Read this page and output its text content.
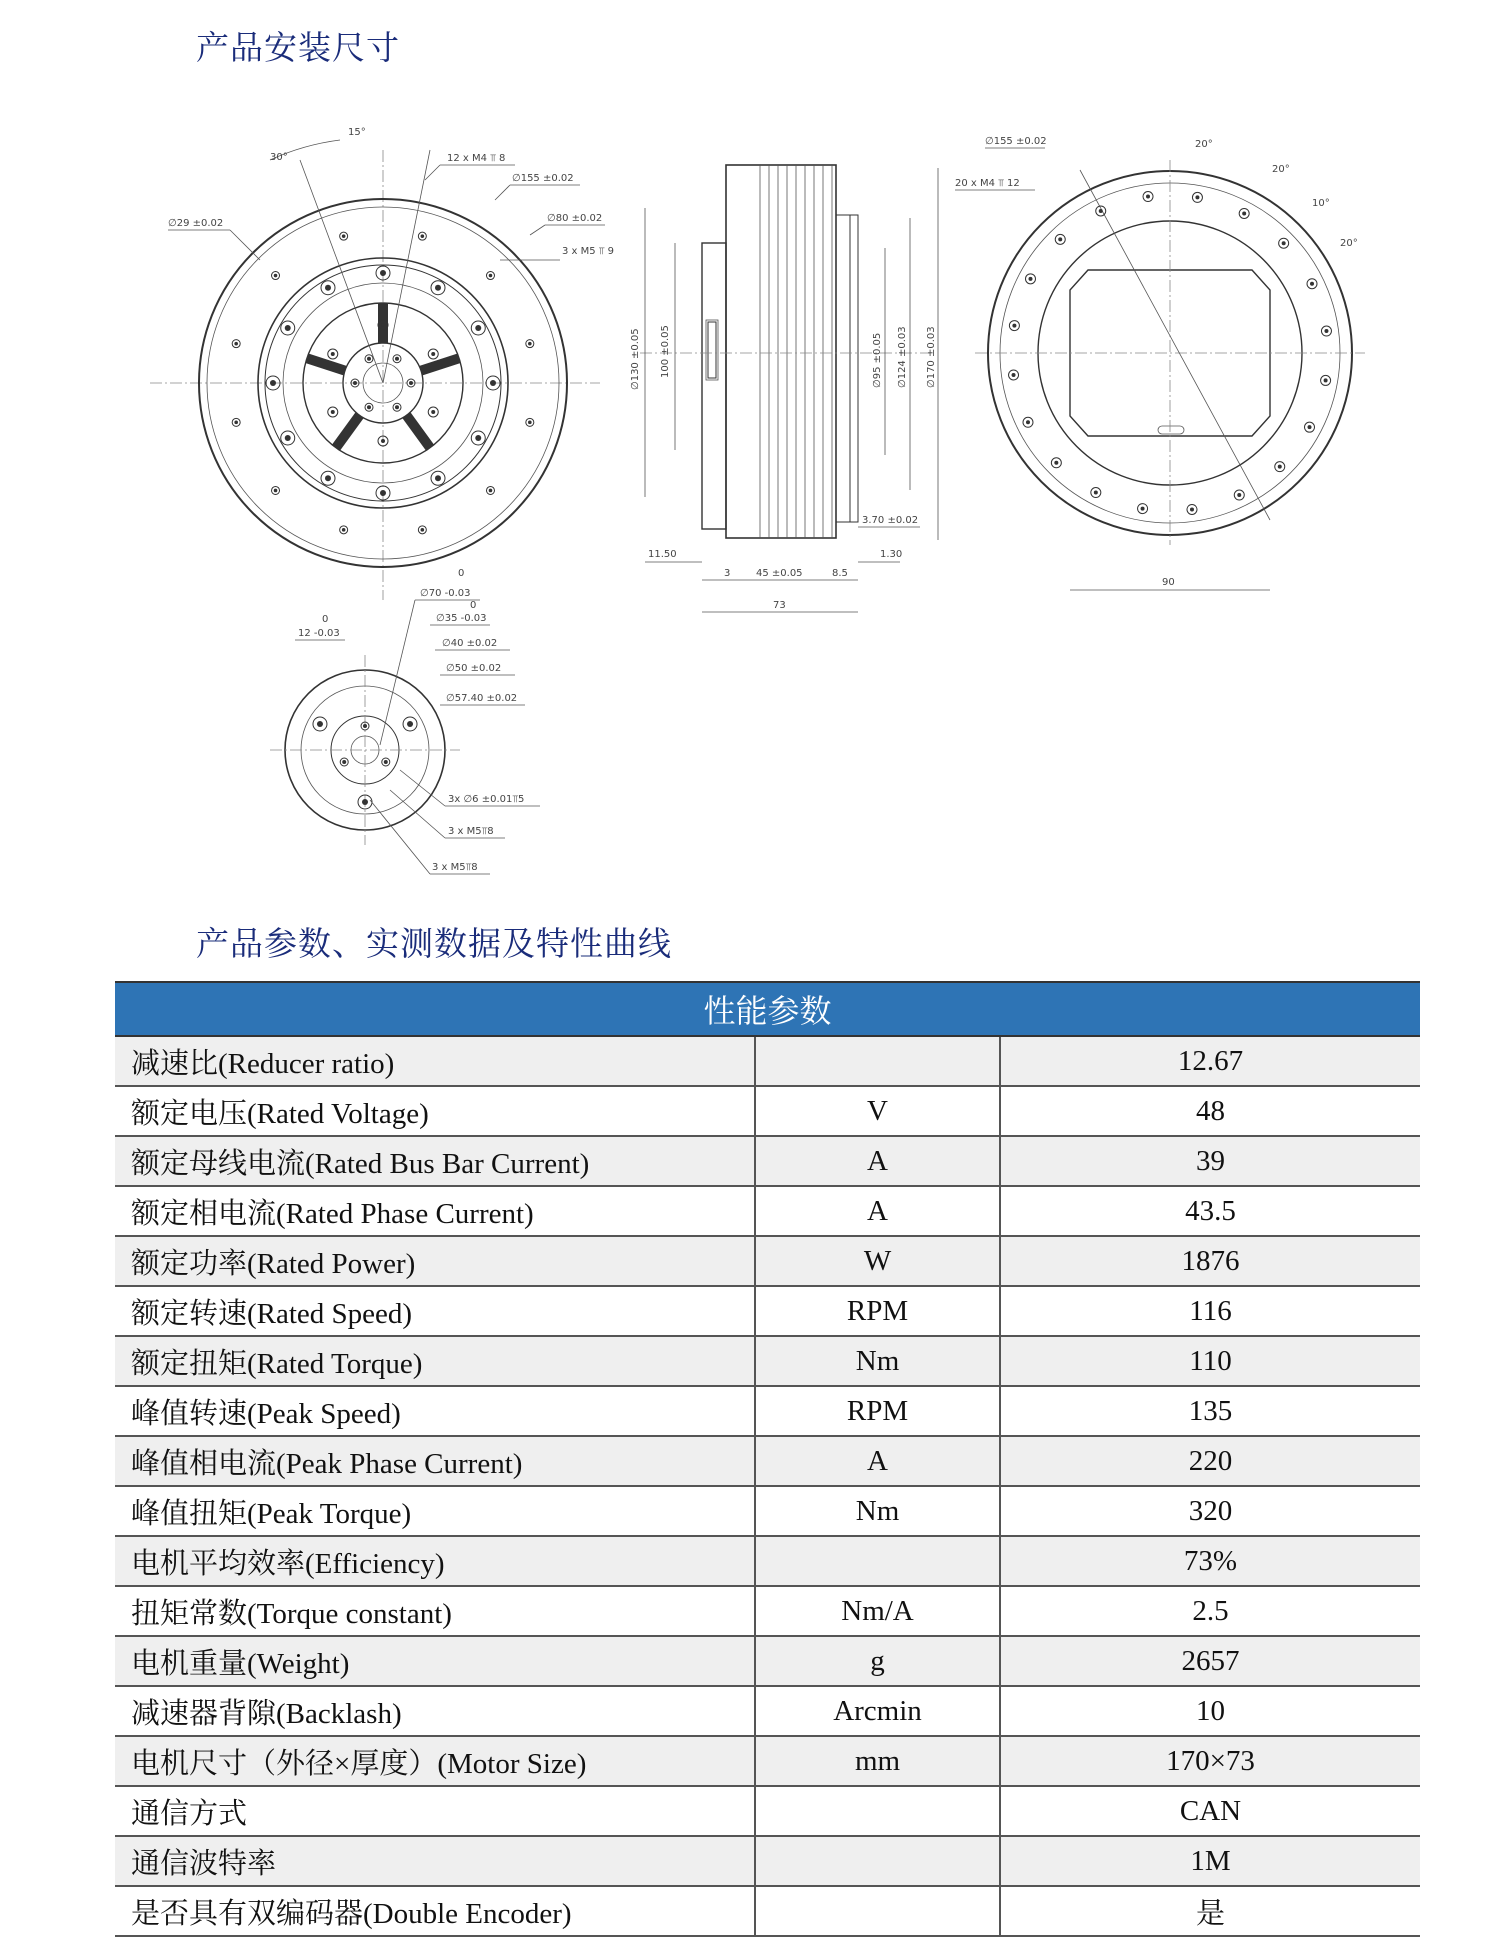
产品安装尺寸
15°
30°	12 x M4 ⫪ 8
∅155 ±0.02
∅29 ±0.02	∅80 ±0.02
3 x M5 ⫪ 9
∅130 ±0.05 100 ±0.05	∅95 ±0.05 ∅124 ±0.03 ∅170 ±0.03
3.70 ±0.02
11.50	1.30
3	45 ±0.05	8.5
73
∅155 ±0.02
20 x M4 ⫪ 12
20°
20°
10°
20°
90
0
∅70 -0.03
0
∅35 -0.03
0
12 -0.03
∅40 ±0.02
∅50 ±0.02
∅57.40 ±0.02
3x ∅6 ±0.01⫪5
3 x M5⫪8
3 x M5⫪8
产品参数、实测数据及特性曲线
性能参数		
减速比(Reducer ratio)		12.67
额定电压(Rated Voltage)	V	48
额定母线电流(Rated Bus Bar Current)	A	39
额定相电流(Rated Phase Current)	A	43.5
额定功率(Rated Power)	W	1876
额定转速(Rated Speed)	RPM	116
额定扭矩(Rated Torque)	Nm	110
峰值转速(Peak Speed)	RPM	135
峰值相电流(Peak Phase Current)	A	220
峰值扭矩(Peak Torque)	Nm	320
电机平均效率(Efficiency)		73%
扭矩常数(Torque constant)	Nm/A	2.5
电机重量(Weight)	g	2657
减速器背隙(Backlash)	Arcmin	10
电机尺寸（外径×厚度）(Motor Size)	mm	170×73
通信方式		CAN
通信波特率		1M
是否具有双编码器(Double Encoder)		是
